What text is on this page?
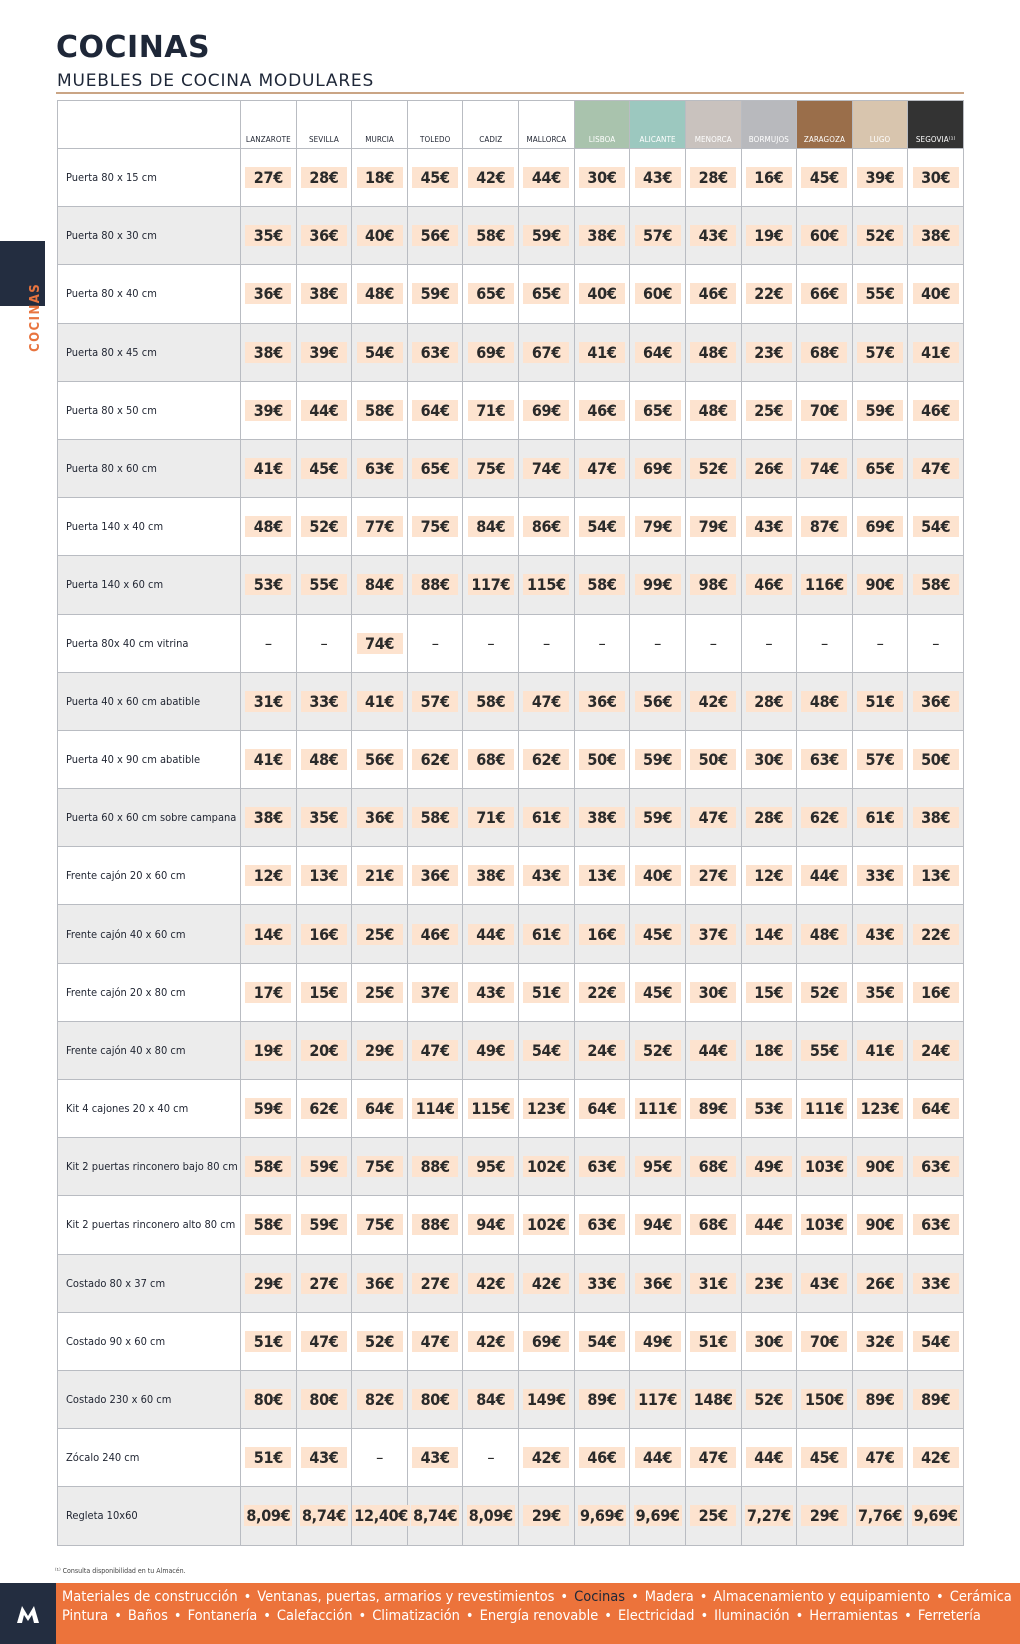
COCINAS
MUEBLES DE COCINA MODULARES
COCINAS
	LANZAROTE	SEVILLA	MURCIA	TOLEDO	CADIZ	MALLORCA	LISBOA	ALICANTE	MENORCA	BORMUJOS	ZARAGOZA	LUGO	SEGOVIA⁽¹⁾
Puerta 80 x 15 cm	27€	28€	18€	45€	42€	44€	30€	43€	28€	16€	45€	39€	30€
Puerta 80 x 30 cm	35€	36€	40€	56€	58€	59€	38€	57€	43€	19€	60€	52€	38€
Puerta 80 x 40 cm	36€	38€	48€	59€	65€	65€	40€	60€	46€	22€	66€	55€	40€
Puerta 80 x 45 cm	38€	39€	54€	63€	69€	67€	41€	64€	48€	23€	68€	57€	41€
Puerta 80 x 50 cm	39€	44€	58€	64€	71€	69€	46€	65€	48€	25€	70€	59€	46€
Puerta 80 x 60 cm	41€	45€	63€	65€	75€	74€	47€	69€	52€	26€	74€	65€	47€
Puerta 140 x 40 cm	48€	52€	77€	75€	84€	86€	54€	79€	79€	43€	87€	69€	54€
Puerta 140 x 60 cm	53€	55€	84€	88€	117€	115€	58€	99€	98€	46€	116€	90€	58€
Puerta 80x 40 cm vitrina	–	–	74€	–	–	–	–	–	–	–	–	–	–
Puerta 40 x 60 cm abatible	31€	33€	41€	57€	58€	47€	36€	56€	42€	28€	48€	51€	36€
Puerta 40 x 90 cm abatible	41€	48€	56€	62€	68€	62€	50€	59€	50€	30€	63€	57€	50€
Puerta 60 x 60 cm sobre campana	38€	35€	36€	58€	71€	61€	38€	59€	47€	28€	62€	61€	38€
Frente cajón 20 x 60 cm	12€	13€	21€	36€	38€	43€	13€	40€	27€	12€	44€	33€	13€
Frente cajón 40 x 60 cm	14€	16€	25€	46€	44€	61€	16€	45€	37€	14€	48€	43€	22€
Frente cajón 20 x 80 cm	17€	15€	25€	37€	43€	51€	22€	45€	30€	15€	52€	35€	16€
Frente cajón 40 x 80 cm	19€	20€	29€	47€	49€	54€	24€	52€	44€	18€	55€	41€	24€
Kit 4 cajones 20 x 40 cm	59€	62€	64€	114€	115€	123€	64€	111€	89€	53€	111€	123€	64€
Kit 2 puertas rinconero bajo 80 cm	58€	59€	75€	88€	95€	102€	63€	95€	68€	49€	103€	90€	63€
Kit 2 puertas rinconero alto 80 cm	58€	59€	75€	88€	94€	102€	63€	94€	68€	44€	103€	90€	63€
Costado 80 x 37 cm	29€	27€	36€	27€	42€	42€	33€	36€	31€	23€	43€	26€	33€
Costado 90 x 60 cm	51€	47€	52€	47€	42€	69€	54€	49€	51€	30€	70€	32€	54€
Costado 230 x 60 cm	80€	80€	82€	80€	84€	149€	89€	117€	148€	52€	150€	89€	89€
Zócalo 240 cm	51€	43€	–	43€	–	42€	46€	44€	47€	44€	45€	47€	42€
Regleta 10x60	8,09€	8,74€	12,40€	8,74€	8,09€	29€	9,69€	9,69€	25€	7,27€	29€	7,76€	9,69€
⁽¹⁾ Consulta disponibilidad en tu Almacén.
Materiales de construcción • Ventanas, puertas, armarios y revestimientos • Cocinas • Madera • Almacenamiento y equipamiento • Cerámica
Pintura • Baños • Fontanería • Calefacción • Climatización • Energía renovable • Electricidad • Iluminación • Herramientas • Ferretería
